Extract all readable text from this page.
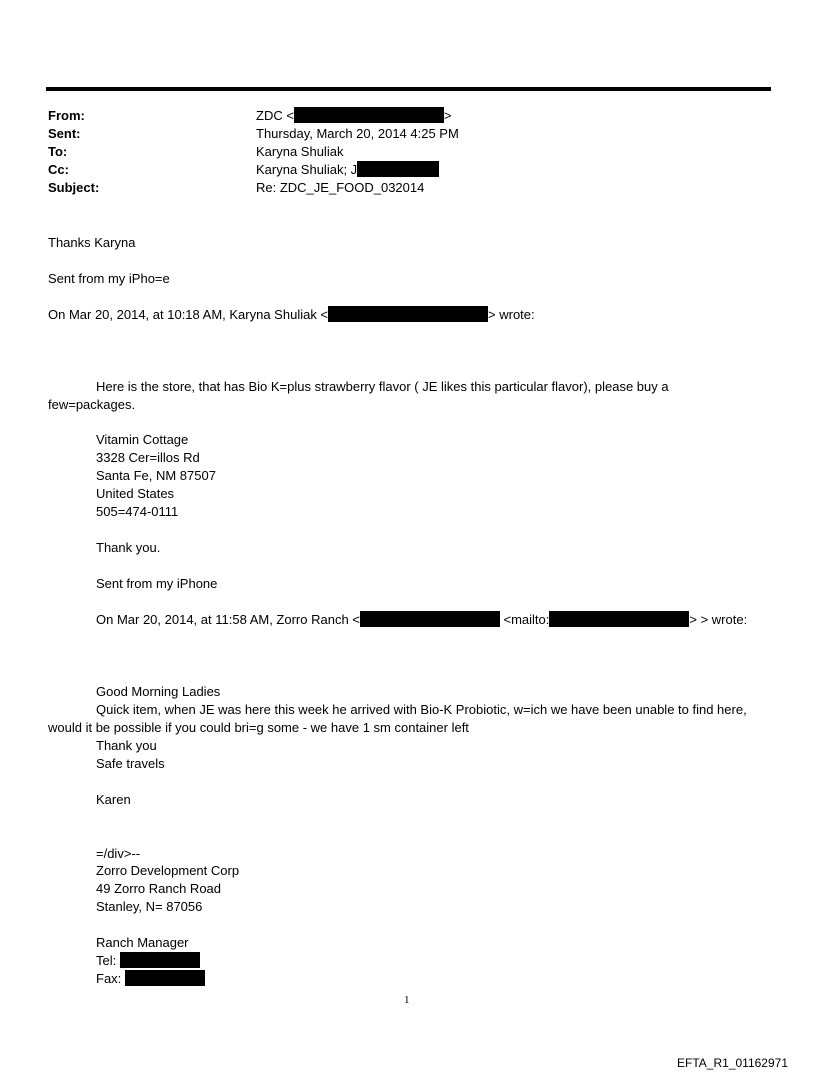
From:	ZDC <	>
Sent:	Thursday, March 20, 2014 4:25 PM
To:	Karyna Shuliak
Cc:	Karyna Shuliak; J
Subject:	Re: ZDC_JE_FOOD_032014
Thanks Karyna
Sent from my iPho=e
On Mar 20, 2014, at 10:18 AM, Karyna Shuliak <	> wrote:
Here is the store, that has Bio K=plus strawberry flavor ( JE likes this particular flavor), please buy a
few=packages.
Vitamin Cottage
3328 Cer=illos Rd
Santa Fe, NM 87507
United States
505=474-0111
Thank you.
Sent from my iPhone
On Mar 20, 2014, at 11:58 AM, Zorro Ranch <	<mailto:	> > wrote:
Good Morning Ladies
Quick item, when JE was here this week he arrived with Bio-K Probiotic, w=ich we have been unable to find here,
would it be possible if you could bri=g some - we have 1 sm container left
Thank you
Safe travels
Karen
=/div>--
Zorro Development Corp
49 Zorro Ranch Road
Stanley, N= 87056
Ranch Manager
Tel:
Fax:
1
EFTA_R1_01162971
